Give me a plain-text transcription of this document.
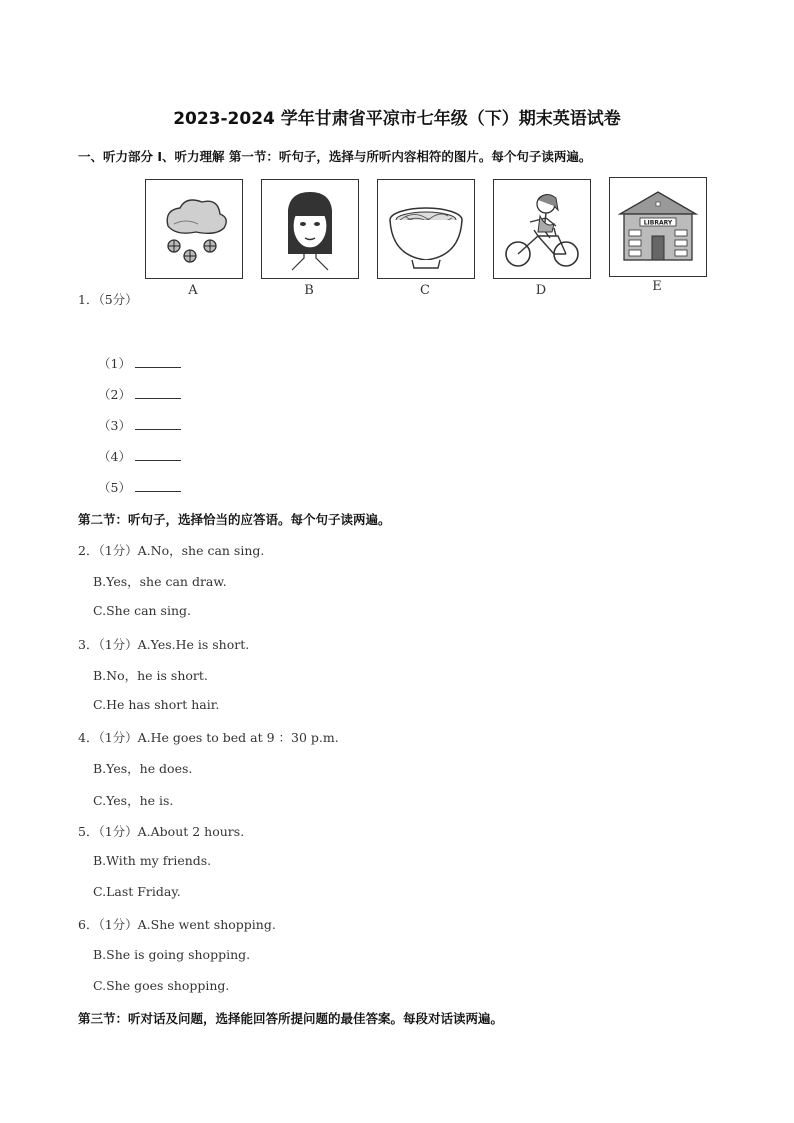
2023-2024 学年甘肃省平凉市七年级（下）期末英语试卷
一、听力部分 I、听力理解 第一节：听句子，选择与所听内容相符的图片。每个句子读两遍。
A	B	C	D
LIBRARY
E
1．（5分）
（1）
（2）
（3）
（4）
（5）
第二节：听句子，选择恰当的应答语。每个句子读两遍。
2．（1分）A.No，she can sing.
B.Yes，she can draw.
C.She can sing.
3．（1分）A.Yes.He is short.
B.No，he is short.
C.He has short hair.
4．（1分）A.He goes to bed at 9 ：30 p.m.
B.Yes，he does.
C.Yes，he is.
5．（1分）A.About 2 hours.
B.With my friends.
C.Last Friday.
6．（1分）A.She went shopping.
B.She is going shopping.
C.She goes shopping.
第三节：听对话及问题，选择能回答所提问题的最佳答案。每段对话读两遍。
